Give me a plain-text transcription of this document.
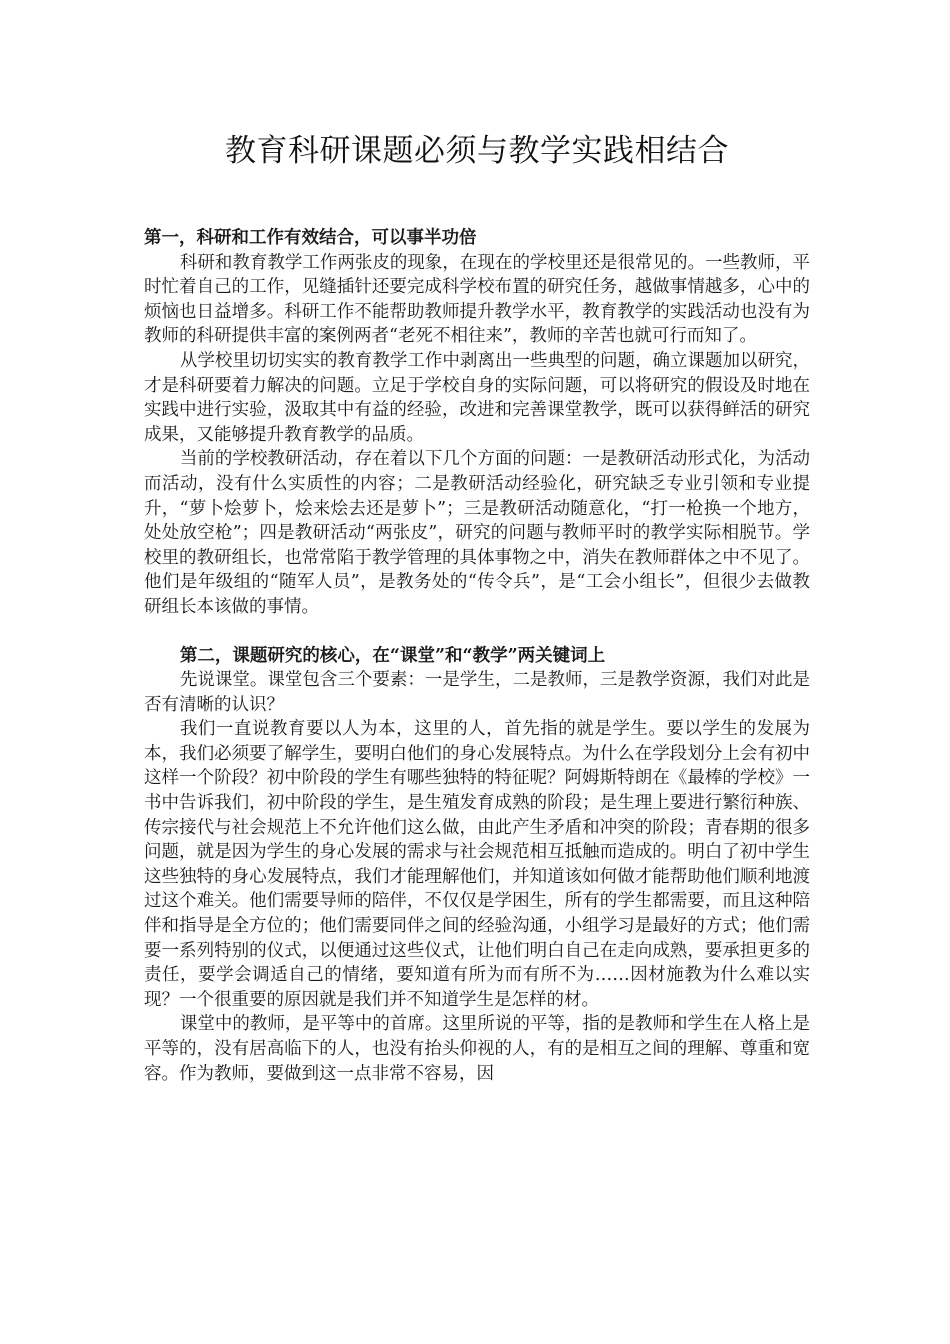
教育科研课题必须与教学实践相结合
第一，科研和工作有效结合，可以事半功倍

科研和教育教学工作两张皮的现象，在现在的学校里还是很常见的。一些教师，平时忙着自己的工作，见缝插针还要完成科学校布置的研究任务，越做事情越多，心中的烦恼也日益增多。科研工作不能帮助教师提升教学水平，教育教学的实践活动也没有为教师的科研提供丰富的案例两者“老死不相往来”，教师的辛苦也就可行而知了。

从学校里切切实实的教育教学工作中剥离出一些典型的问题，确立课题加以研究，才是科研要着力解决的问题。立足于学校自身的实际问题，可以将研究的假设及时地在实践中进行实验，汲取其中有益的经验，改进和完善课堂教学，既可以获得鲜活的研究成果，又能够提升教育教学的品质。

当前的学校教研活动，存在着以下几个方面的问题：一是教研活动形式化，为活动而活动，没有什么实质性的内容；二是教研活动经验化，研究缺乏专业引领和专业提升，“萝卜烩萝卜，烩来烩去还是萝卜”；三是教研活动随意化，“打一枪换一个地方，处处放空枪”；四是教研活动“两张皮”，研究的问题与教师平时的教学实际相脱节。学校里的教研组长，也常常陷于教学管理的具体事物之中，消失在教师群体之中不见了。他们是年级组的“随军人员”，是教务处的“传令兵”，是“工会小组长”，但很少去做教研组长本该做的事情。

第二，课题研究的核心，在“课堂”和“教学”两关键词上

先说课堂。课堂包含三个要素：一是学生，二是教师，三是教学资源，我们对此是否有清晰的认识？

我们一直说教育要以人为本，这里的人，首先指的就是学生。要以学生的发展为本，我们必须要了解学生，要明白他们的身心发展特点。为什么在学段划分上会有初中这样一个阶段？初中阶段的学生有哪些独特的特征呢？阿姆斯特朗在《最棒的学校》一书中告诉我们，初中阶段的学生，是生殖发育成熟的阶段；是生理上要进行繁衍种族、传宗接代与社会规范上不允许他们这么做，由此产生矛盾和冲突的阶段；青春期的很多问题，就是因为学生的身心发展的需求与社会规范相互抵触而造成的。明白了初中学生这些独特的身心发展特点，我们才能理解他们，并知道该如何做才能帮助他们顺利地渡过这个难关。他们需要导师的陪伴，不仅仅是学困生，所有的学生都需要，而且这种陪伴和指导是全方位的；他们需要同伴之间的经验沟通，小组学习是最好的方式；他们需要一系列特别的仪式，以便通过这些仪式，让他们明白自己在走向成熟，要承担更多的责任，要学会调适自己的情绪，要知道有所为而有所不为……因材施教为什么难以实现？一个很重要的原因就是我们并不知道学生是怎样的材。

课堂中的教师，是平等中的首席。这里所说的平等，指的是教师和学生在人格上是平等的，没有居高临下的人，也没有抬头仰视的人，有的是相互之间的理解、尊重和宽容。作为教师，要做到这一点非常不容易，因
